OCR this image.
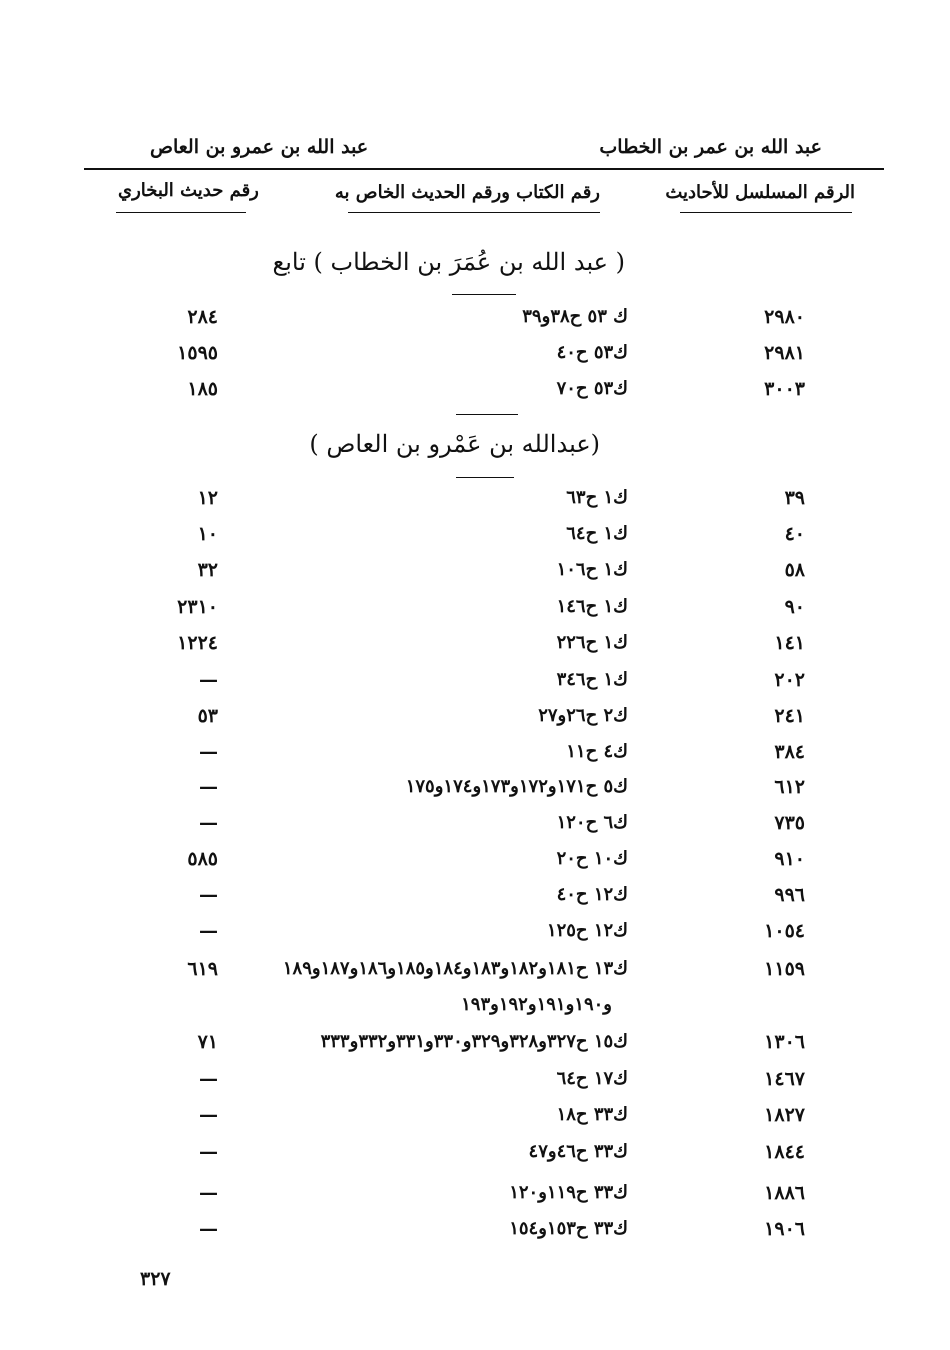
عبد الله بن عمر بن الخطاب
عبد الله بن عمرو بن العاص
الرقم المسلسل للأحاديث
رقم الكتاب ورقم الحديث الخاص به
رقم حديث البخاري
( عبد الله بن عُمَرَ بن الخطاب ) تابع
(عبدالله بن عَمْرو بن العاص )
٢٩٨٠
ك ٥٣ ح٣٨و٣٩
٢٨٤
٢٩٨١
ك٥٣ ح٤٠
١٥٩٥
٣٠٠٣
ك٥٣ ح٧٠
١٨٥
٣٩
ك١ ح٦٣
١٢
٤٠
ك١ ح٦٤
١٠
٥٨
ك١ ح١٠٦
٣٢
٩٠
ك١ ح١٤٦
٢٣١٠
١٤١
ك١ ح٢٢٦
١٢٢٤
٢٠٢
ك١ ح٣٤٦
—
٢٤١
ك٢ ح٢٦و٢٧
٥٣
٣٨٤
ك٤ ح١١
—
٦١٢
ك٥ ح١٧١و١٧٢و١٧٣و١٧٤و١٧٥
—
٧٣٥
ك٦ ح١٢٠
—
٩١٠
ك١٠ ح٢٠
٥٨٥
٩٩٦
ك١٢ ح٤٠
—
١٠٥٤
ك١٢ ح١٢٥
—
١١٥٩
ك١٣ ح١٨١و١٨٢و١٨٣و١٨٤و١٨٥و١٨٦و١٨٧و١٨٩
و١٩٠و١٩١و١٩٢و١٩٣
٦١٩
١٣٠٦
ك١٥ ح٣٢٧و٣٢٨و٣٢٩و٣٣٠و٣٣١و٣٣٢و٣٣٣
٧١
١٤٦٧
ك١٧ ح٦٤
—
١٨٢٧
ك٣٣ ح١٨
—
١٨٤٤
ك٣٣ ح٤٦و٤٧
—
١٨٨٦
ك٣٣ ح١١٩و١٢٠
—
١٩٠٦
ك٣٣ ح١٥٣و١٥٤
—
٣٢٧
